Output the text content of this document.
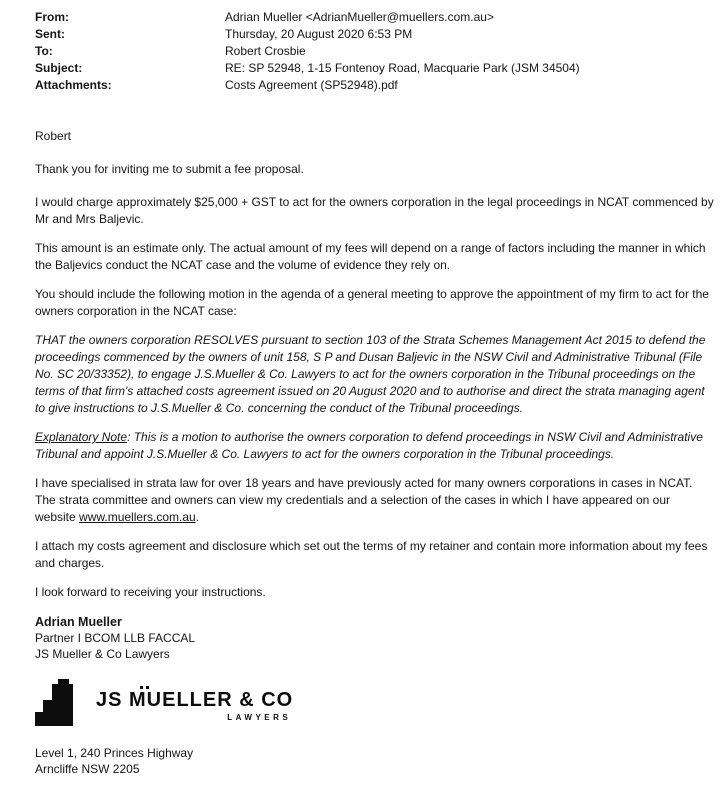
From:	Adrian Mueller <AdrianMueller@muellers.com.au>
Sent:	Thursday, 20 August 2020 6:53 PM
To:	Robert Crosbie
Subject:	RE: SP 52948, 1-15 Fontenoy Road, Macquarie Park (JSM 34504)
Attachments:	Costs Agreement (SP52948).pdf

Robert

Thank you for inviting me to submit a fee proposal.

I would charge approximately $25,000 + GST to act for the owners corporation in the legal proceedings in NCAT commenced by Mr and Mrs Baljevic.

This amount is an estimate only. The actual amount of my fees will depend on a range of factors including the manner in which the Baljevics conduct the NCAT case and the volume of evidence they rely on.

You should include the following motion in the agenda of a general meeting to approve the appointment of my firm to act for the owners corporation in the NCAT case:

THAT the owners corporation RESOLVES pursuant to section 103 of the Strata Schemes Management Act 2015 to defend the proceedings commenced by the owners of unit 158, S P and Dusan Baljevic in the NSW Civil and Administrative Tribunal (File No. SC 20/33352), to engage J.S.Mueller & Co. Lawyers to act for the owners corporation in the Tribunal proceedings on the terms of that firm's attached costs agreement issued on 20 August 2020 and to authorise and direct the strata managing agent to give instructions to J.S.Mueller & Co. concerning the conduct of the Tribunal proceedings.

Explanatory Note: This is a motion to authorise the owners corporation to defend proceedings in NSW Civil and Administrative Tribunal and appoint J.S.Mueller & Co. Lawyers to act for the owners corporation in the Tribunal proceedings.

I have specialised in strata law for over 18 years and have previously acted for many owners corporations in cases in NCAT. The strata committee and owners can view my credentials and a selection of the cases in which I have appeared on our website www.muellers.com.au.

I attach my costs agreement and disclosure which set out the terms of my retainer and contain more information about my fees and charges.

I look forward to receiving your instructions.

Adrian Mueller
Partner I BCOM LLB FACCAL
JS Mueller & Co Lawyers
JS MUELLER & CO
LAWYERS
Level 1, 240 Princes Highway
Arncliffe NSW 2205
